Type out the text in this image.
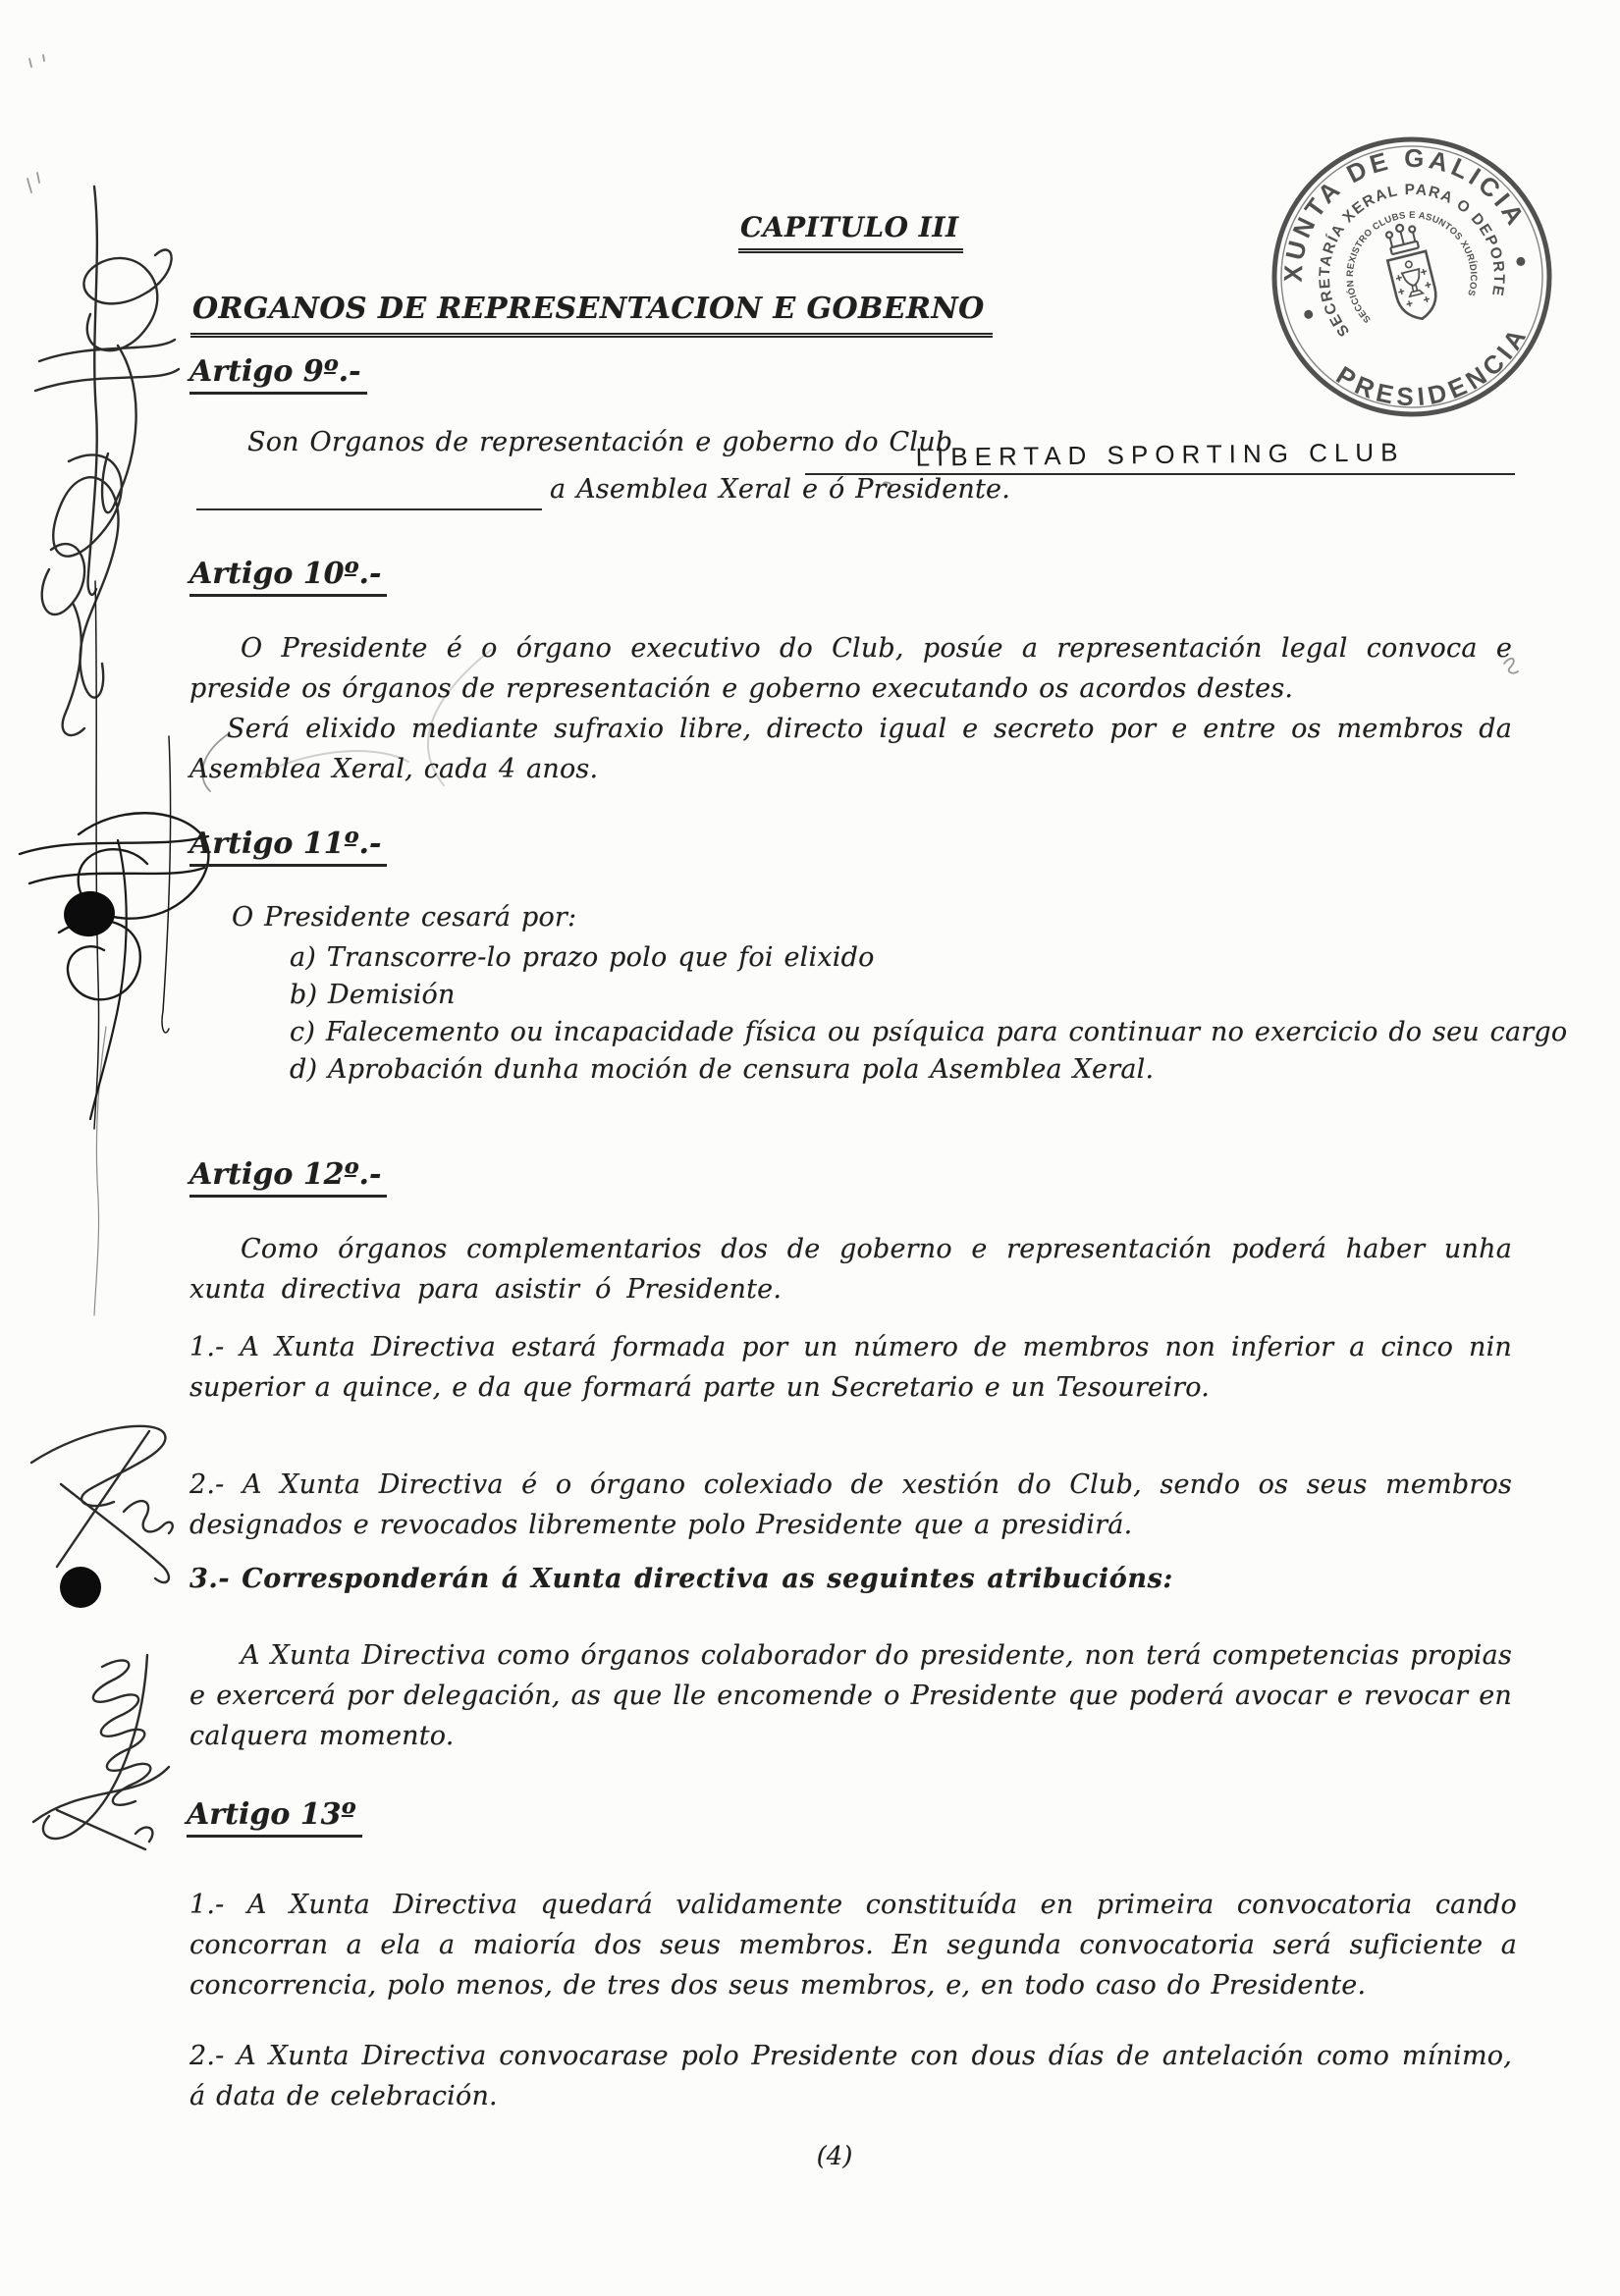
XUNTA DE GALICIA
PRESIDENCIA
SECRETARÍA XERAL PARA O DEPORTE
SECCIÓN REXISTRO CLUBS E ASUNTOS XURÍDICOS
CAPITULO III
ORGANOS DE REPRESENTACION E GOBERNO
Artigo 9º.-
Son Organos de representación e goberno do Club
LIBERTAD SPORTING CLUB
a Asemblea Xeral e ó Presidente.
Artigo 10º.-
O Presidente é o órgano executivo do Club, posúe a representación legal convoca e preside os órganos de representación e goberno executando os acordos destes.
Será elixido mediante sufraxio libre, directo igual e secreto por e entre os membros da Asemblea Xeral, cada 4 anos.
Artigo 11º.-
O Presidente cesará por:
a) Transcorre-lo prazo polo que foi elixido
b) Demisión
c) Falecemento ou incapacidade física ou psíquica para continuar no exercicio do seu cargo
d) Aprobación dunha moción de censura pola Asemblea Xeral.
Artigo 12º.-
Como órganos complementarios dos de goberno e representación poderá haber unha xunta directiva para asistir ó Presidente.
1.- A Xunta Directiva estará formada por un número de membros non inferior a cinco nin superior a quince, e da que formará parte un Secretario e un Tesoureiro.
2.- A Xunta Directiva é o órgano colexiado de xestión do Club, sendo os seus membros designados e revocados libremente polo Presidente que a presidirá.
3.- Corresponderán á Xunta directiva as seguintes atribucións:
A Xunta Directiva como órganos colaborador do presidente, non terá competencias propias e exercerá por delegación, as que lle encomende o Presidente que poderá avocar e revocar en calquera momento.
Artigo 13º
1.- A Xunta Directiva quedará validamente constituída en primeira convocatoria cando concorran a ela a maioría dos seus membros. En segunda convocatoria será suficiente a concorrencia, polo menos, de tres dos seus membros, e, en todo caso do Presidente.
2.- A Xunta Directiva convocarase polo Presidente con dous días de antelación como mínimo, á data de celebración.
(4)
